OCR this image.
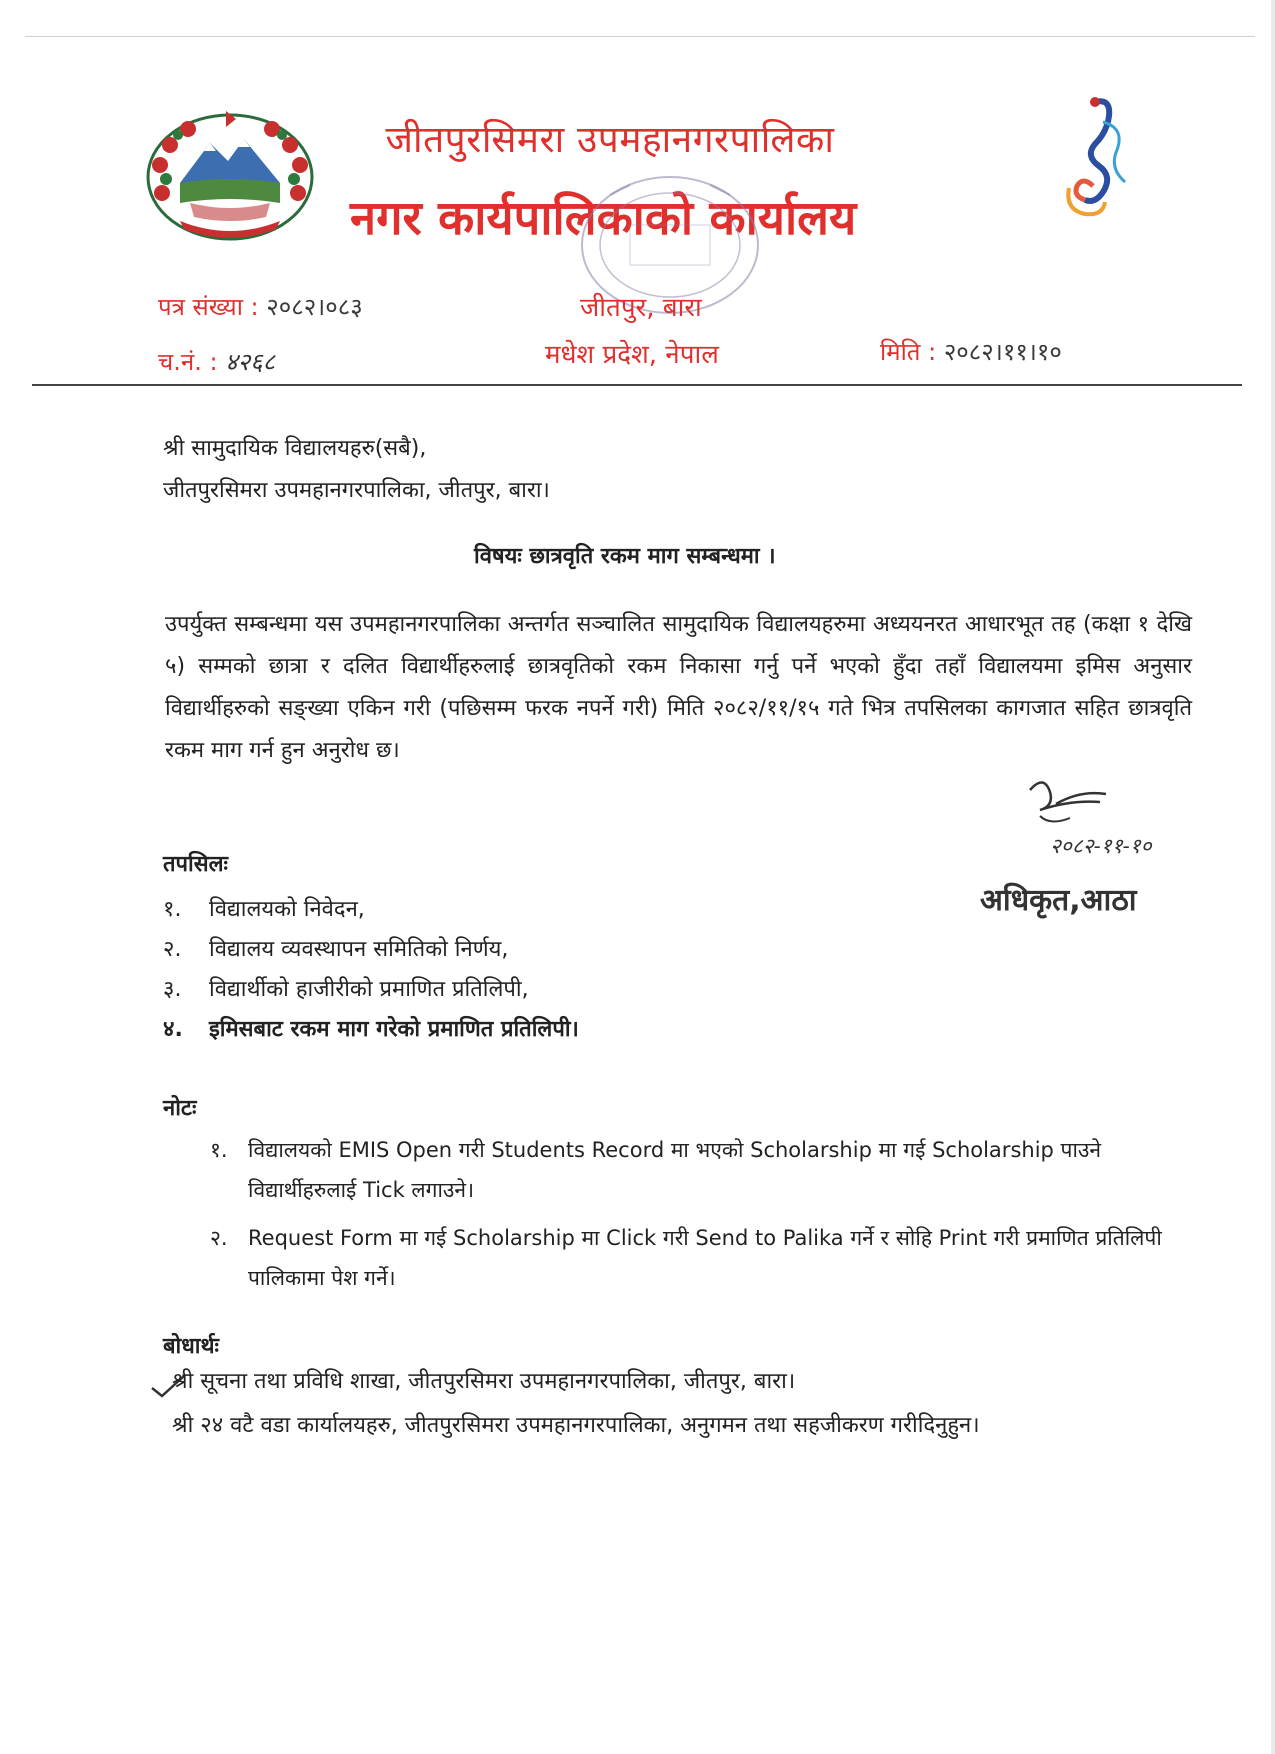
जीतपुरसिमरा उपमहानगरपालिका
नगर कार्यपालिकाको कार्यालय
पत्र संख्या : २०८२।०८३
च.नं. : ४२६८
जीतपुर, बारा
मधेश प्रदेश, नेपाल	मिति : २०८२।११।१०
श्री सामुदायिक विद्यालयहरु(सबै),
जीतपुरसिमरा उपमहानगरपालिका, जीतपुर, बारा।
विषयः छात्रवृति रकम माग सम्बन्धमा ।

उपर्युक्त सम्बन्धमा यस उपमहानगरपालिका अन्तर्गत सञ्चालित सामुदायिक विद्यालयहरुमा अध्ययनरत आधारभूत तह (कक्षा १ देखि ५) सम्मको छात्रा र दलित विद्यार्थीहरुलाई छात्रवृतिको रकम निकासा गर्नु पर्ने भएको हुँदा तहाँ विद्यालयमा इमिस अनुसार विद्यार्थीहरुको सङ्ख्या एकिन गरी (पछिसम्म फरक नपर्ने गरी) मिति २०८२/११/१५ गते भित्र तपसिलका कागजात सहित छात्रवृति रकम माग गर्न हुन अनुरोध छ।

२०८२-११-१०
अधिकृत,आठा
तपसिलः
१. विद्यालयको निवेदन,
२. विद्यालय व्यवस्थापन समितिको निर्णय,
३. विद्यार्थीको हाजीरीको प्रमाणित प्रतिलिपी,
४. इमिसबाट रकम माग गरेको प्रमाणित प्रतिलिपी।
नोटः
१. विद्यालयको EMIS Open गरी Students Record मा भएको Scholarship मा गई Scholarship पाउने विद्यार्थीहरुलाई Tick लगाउने।
२. Request Form मा गई Scholarship मा Click गरी Send to Palika गर्ने र सोहि Print गरी प्रमाणित प्रतिलिपी पालिकामा पेश गर्ने।
बोधार्थः
श्री सूचना तथा प्रविधि शाखा, जीतपुरसिमरा उपमहानगरपालिका, जीतपुर, बारा।

श्री २४ वटै वडा कार्यालयहरु, जीतपुरसिमरा उपमहानगरपालिका, अनुगमन तथा सहजीकरण गरीदिनुहुन।
